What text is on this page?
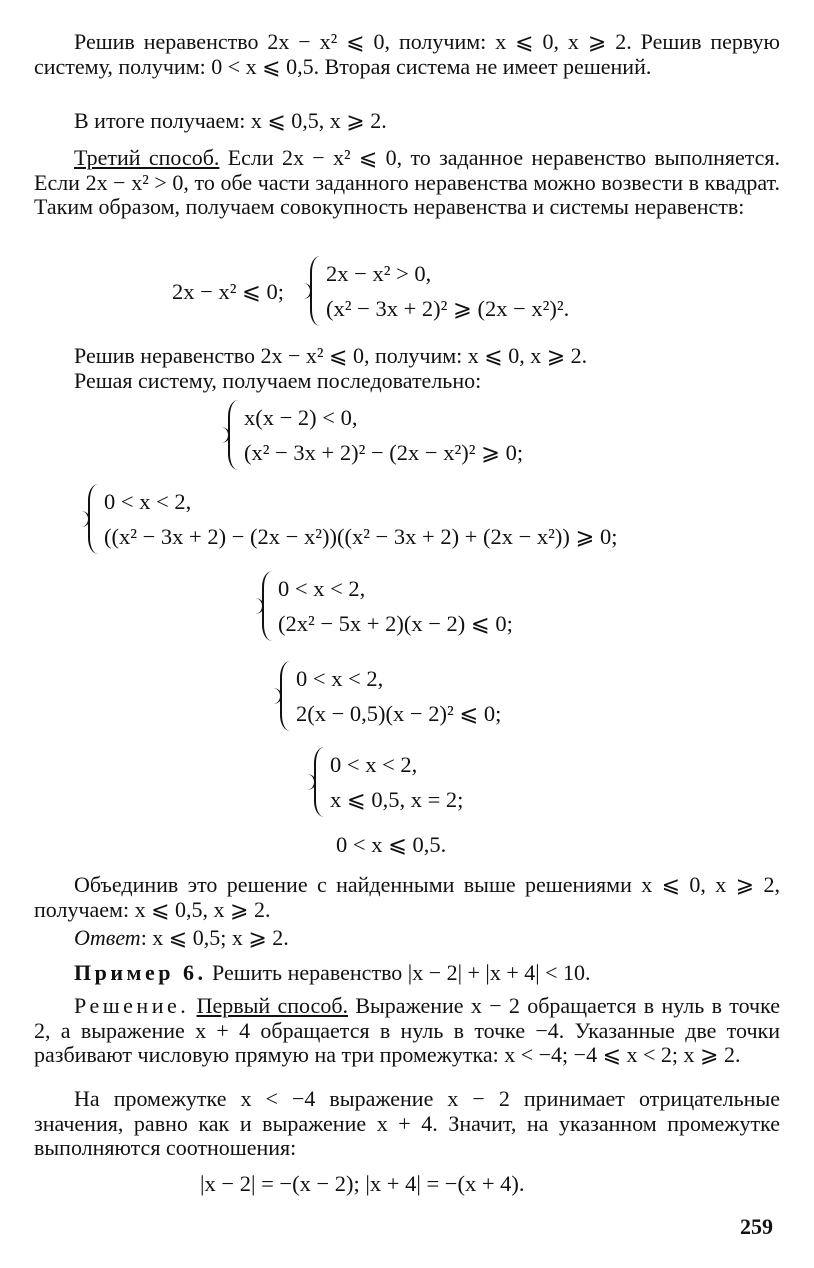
Решив неравенство 2x − x² ⩽ 0, получим: x ⩽ 0, x ⩾ 2. Решив первую систему, получим: 0 < x ⩽ 0,5. Вторая система не имеет решений.

В итоге получаем: x ⩽ 0,5, x ⩾ 2.

Третий способ. Если 2x − x² ⩽ 0, то заданное неравенство выполняется. Если 2x − x² > 0, то обе части заданного неравенства можно возвести в квадрат. Таким образом, получаем совокупность неравенства и системы неравенств:

2x − x² ⩽ 0;
2x − x² > 0,
(x² − 3x + 2)² ⩾ (2x − x²)².

Решив неравенство 2x − x² ⩽ 0, получим: x ⩽ 0, x ⩾ 2.

Решая систему, получаем последовательно:

x(x − 2) < 0,
(x² − 3x + 2)² − (2x − x²)² ⩾ 0;
0 < x < 2,
((x² − 3x + 2) − (2x − x²))((x² − 3x + 2) + (2x − x²)) ⩾ 0;
0 < x < 2,
(2x² − 5x + 2)(x − 2) ⩽ 0;
0 < x < 2,
2(x − 0,5)(x − 2)² ⩽ 0;
0 < x < 2,
x ⩽ 0,5, x = 2;
0 < x ⩽ 0,5.

Объединив это решение с найденными выше решениями x ⩽ 0, x ⩾ 2, получаем: x ⩽ 0,5, x ⩾ 2.

Ответ: x ⩽ 0,5; x ⩾ 2.

Пример 6. Решить неравенство |x − 2| + |x + 4| < 10.

Решение. Первый способ. Выражение x − 2 обращается в нуль в точке 2, а выражение x + 4 обращается в нуль в точке −4. Указанные две точки разбивают числовую прямую на три промежутка: x < −4; −4 ⩽ x < 2; x ⩾ 2.

На промежутке x < −4 выражение x − 2 принимает отрицательные значения, равно как и выражение x + 4. Значит, на указанном промежутке выполняются соотношения:

|x − 2| = −(x − 2); |x + 4| = −(x + 4).
259
